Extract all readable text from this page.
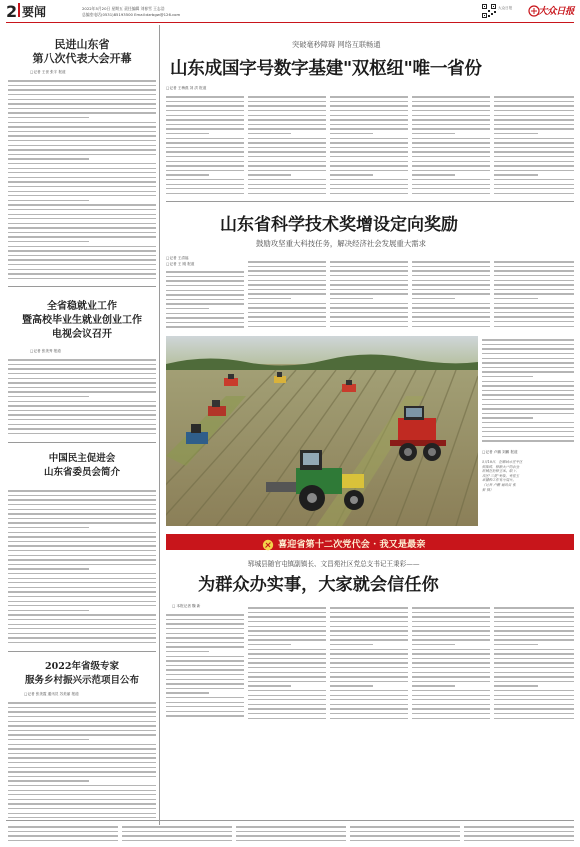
2 要闻	2022年5月20日 星期五 责任编辑 刘春雪 王志浩
总编室电话(0531)85193500 Email:dzrbgw@126.com
大众日报	大众日报
民进山东省
第八次代表大会开幕
□记者 王世 张宇 报道
全省稳就业工作
暨高校毕业生就业创业工作
电视会议召开
□记者 张美秀 报道
中国民主促进会
山东省委员会简介
2022年省级专家
服务乡村振兴示范项目公布
□记者 张美霞 通讯员 苏美丽 报道
突破毫秒障碍 网络互联畅通
山东成国字号数字基建"双枢纽"唯一省份
□记者 王梅燕 刘 洪 报道
山东省科学技术奖增设定向奖励
鼓励攻坚重大科技任务，解决经济社会发展重大需求
□记者 王清福
□记者 王 刚 报道
□记者 卢鹏 刘鹏 报道
5月18日，在聊城市茌平区
韩集镇，种粮大户的农业
机械在抢种玉米。眼下，
该区"三夏"麦收、麦茬玉
米播种工作有序展开。
（记者 卢鹏 通讯员 张
新 摄）
喜迎省第十二次党代会 · 我又是最亲
郓城县随官屯镇副镇长、文昌苑社区党总支书记王秉彩——
为群众办实事，大家就会信任你
□ 本报记者 魏 新
